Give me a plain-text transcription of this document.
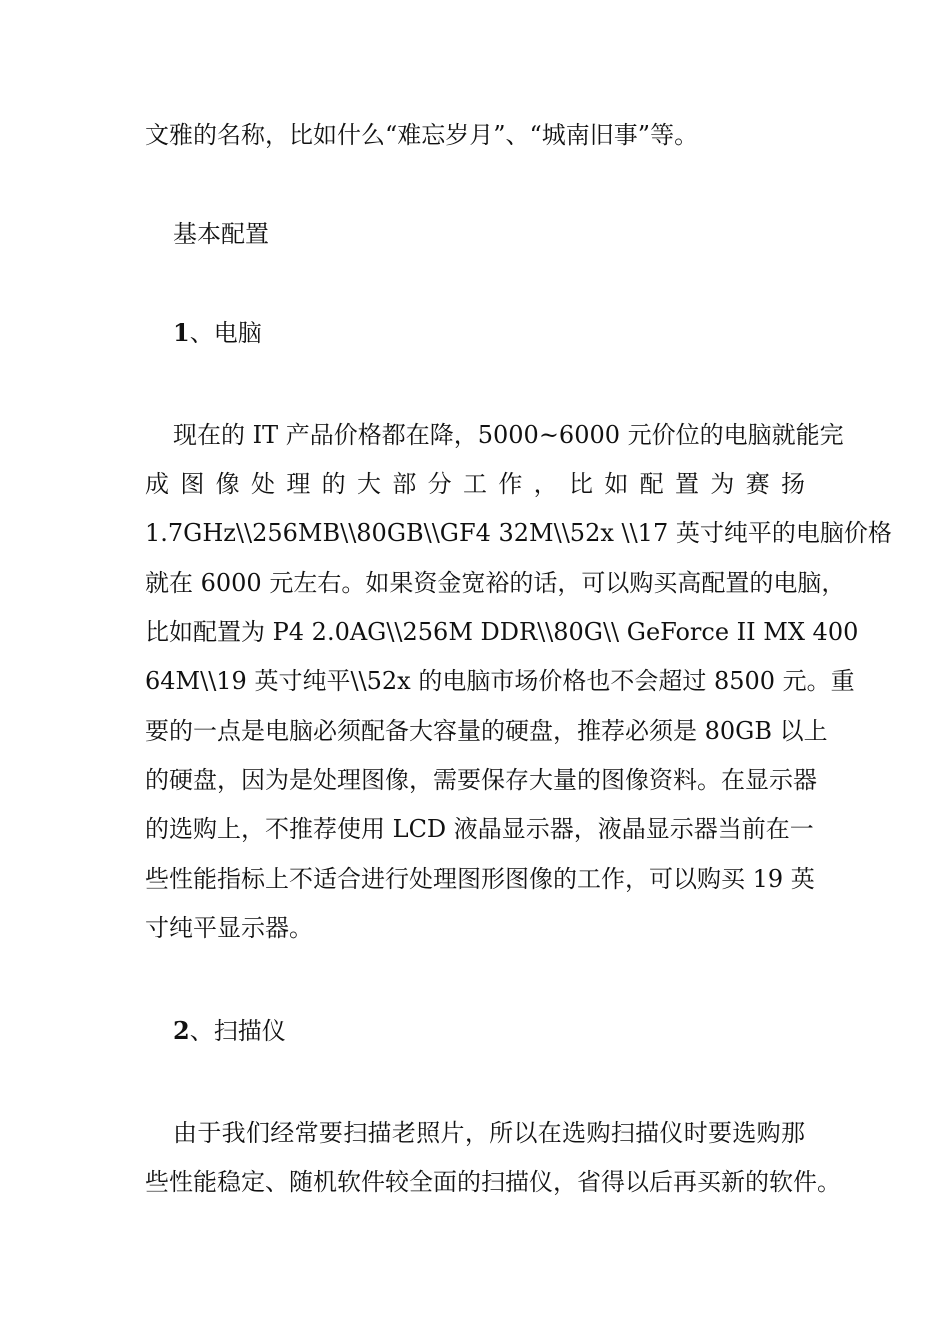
文雅的名称，比如什么“难忘岁月”、“城南旧事”等。
基本配置
1、电脑
现在的 IT 产品价格都在降，5000~6000 元价位的电脑就能完
成 图 像 处 理 的 大 部 分 工 作 ， 比 如 配 置 为 赛 扬
1.7GHz\\256MB\\80GB\\GF4 32M\\52x \\17 英寸纯平的电脑价格
就在 6000 元左右。如果资金宽裕的话，可以购买高配置的电脑，
比如配置为 P4 2.0AG\\256M DDR\\80G\\ GeForce II MX 400
64M\\19 英寸纯平\\52x 的电脑市场价格也不会超过 8500 元。重
要的一点是电脑必须配备大容量的硬盘，推荐必须是 80GB 以上
的硬盘，因为是处理图像，需要保存大量的图像资料。在显示器
的选购上，不推荐使用 LCD 液晶显示器，液晶显示器当前在一
些性能指标上不适合进行处理图形图像的工作，可以购买 19 英
寸纯平显示器。
2、扫描仪
由于我们经常要扫描老照片，所以在选购扫描仪时要选购那
些性能稳定、随机软件较全面的扫描仪，省得以后再买新的软件。
